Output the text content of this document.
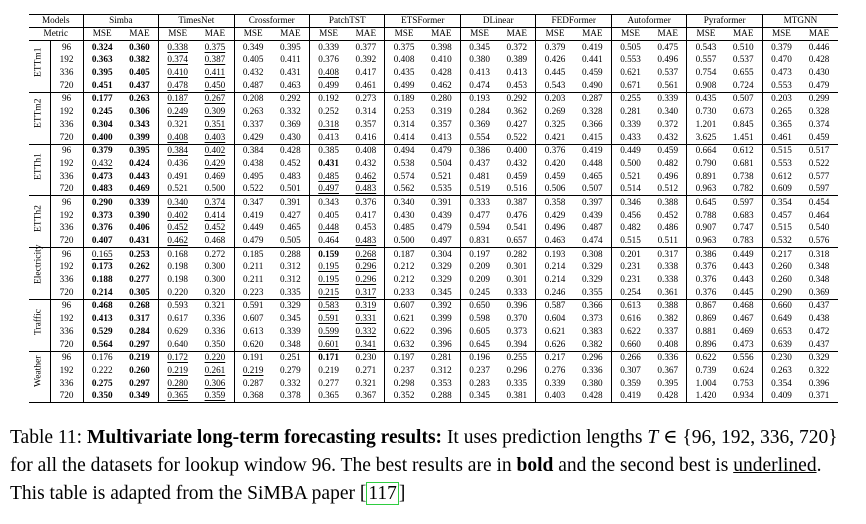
Models		Simba		TimesNet		Crossformer		PatchTST		ETSFormer		DLinear		FEDFormer		Autoformer		Pyraformer		MTGNN	
Metric		MSE	MAE	MSE	MAE	MSE	MAE	MSE	MAE	MSE	MAE	MSE	MAE	MSE	MAE	MSE	MAE	MSE	MAE	MSE	MAE

ETTm1	96	0.324	0.360	0.338	0.375	0.349	0.395	0.339	0.377	0.375	0.398	0.345	0.372	0.379	0.419	0.505	0.475	0.543	0.510	0.379	0.446
	192	0.363	0.382	0.374	0.387	0.405	0.411	0.376	0.392	0.408	0.410	0.380	0.389	0.426	0.441	0.553	0.496	0.557	0.537	0.470	0.428
	336	0.395	0.405	0.410	0.411	0.432	0.431	0.408	0.417	0.435	0.428	0.413	0.413	0.445	0.459	0.621	0.537	0.754	0.655	0.473	0.430
	720	0.451	0.437	0.478	0.450	0.487	0.463	0.499	0.461	0.499	0.462	0.474	0.453	0.543	0.490	0.671	0.561	0.908	0.724	0.553	0.479

ETTm2	96	0.177	0.263	0.187	0.267	0.208	0.292	0.192	0.273	0.189	0.280	0.193	0.292	0.203	0.287	0.255	0.339	0.435	0.507	0.203	0.299
	192	0.245	0.306	0.249	0.309	0.263	0.332	0.252	0.314	0.253	0.319	0.284	0.362	0.269	0.328	0.281	0.340	0.730	0.673	0.265	0.328
	336	0.304	0.343	0.321	0.351	0.337	0.369	0.318	0.357	0.314	0.357	0.369	0.427	0.325	0.366	0.339	0.372	1.201	0.845	0.365	0.374
	720	0.400	0.399	0.408	0.403	0.429	0.430	0.413	0.416	0.414	0.413	0.554	0.522	0.421	0.415	0.433	0.432	3.625	1.451	0.461	0.459

ETTh1	96	0.379	0.395	0.384	0.402	0.384	0.428	0.385	0.408	0.494	0.479	0.386	0.400	0.376	0.419	0.449	0.459	0.664	0.612	0.515	0.517
	192	0.432	0.424	0.436	0.429	0.438	0.452	0.431	0.432	0.538	0.504	0.437	0.432	0.420	0.448	0.500	0.482	0.790	0.681	0.553	0.522
	336	0.473	0.443	0.491	0.469	0.495	0.483	0.485	0.462	0.574	0.521	0.481	0.459	0.459	0.465	0.521	0.496	0.891	0.738	0.612	0.577
	720	0.483	0.469	0.521	0.500	0.522	0.501	0.497	0.483	0.562	0.535	0.519	0.516	0.506	0.507	0.514	0.512	0.963	0.782	0.609	0.597

ETTh2	96	0.290	0.339	0.340	0.374	0.347	0.391	0.343	0.376	0.340	0.391	0.333	0.387	0.358	0.397	0.346	0.388	0.645	0.597	0.354	0.454
	192	0.373	0.390	0.402	0.414	0.419	0.427	0.405	0.417	0.430	0.439	0.477	0.476	0.429	0.439	0.456	0.452	0.788	0.683	0.457	0.464
	336	0.376	0.406	0.452	0.452	0.449	0.465	0.448	0.453	0.485	0.479	0.594	0.541	0.496	0.487	0.482	0.486	0.907	0.747	0.515	0.540
	720	0.407	0.431	0.462	0.468	0.479	0.505	0.464	0.483	0.500	0.497	0.831	0.657	0.463	0.474	0.515	0.511	0.963	0.783	0.532	0.576

Electricity	96	0.165	0.253	0.168	0.272	0.185	0.288	0.159	0.268	0.187	0.304	0.197	0.282	0.193	0.308	0.201	0.317	0.386	0.449	0.217	0.318
	192	0.173	0.262	0.198	0.300	0.211	0.312	0.195	0.296	0.212	0.329	0.209	0.301	0.214	0.329	0.231	0.338	0.376	0.443	0.260	0.348
	336	0.188	0.277	0.198	0.300	0.211	0.312	0.195	0.296	0.212	0.329	0.209	0.301	0.214	0.329	0.231	0.338	0.376	0.443	0.260	0.348
	720	0.214	0.305	0.220	0.320	0.223	0.335	0.215	0.317	0.233	0.345	0.245	0.333	0.246	0.355	0.254	0.361	0.376	0.445	0.290	0.369

Traffic	96	0.468	0.268	0.593	0.321	0.591	0.329	0.583	0.319	0.607	0.392	0.650	0.396	0.587	0.366	0.613	0.388	0.867	0.468	0.660	0.437
	192	0.413	0.317	0.617	0.336	0.607	0.345	0.591	0.331	0.621	0.399	0.598	0.370	0.604	0.373	0.616	0.382	0.869	0.467	0.649	0.438
	336	0.529	0.284	0.629	0.336	0.613	0.339	0.599	0.332	0.622	0.396	0.605	0.373	0.621	0.383	0.622	0.337	0.881	0.469	0.653	0.472
	720	0.564	0.297	0.640	0.350	0.620	0.348	0.601	0.341	0.632	0.396	0.645	0.394	0.626	0.382	0.660	0.408	0.896	0.473	0.639	0.437

Weather	96	0.176	0.219	0.172	0.220	0.191	0.251	0.171	0.230	0.197	0.281	0.196	0.255	0.217	0.296	0.266	0.336	0.622	0.556	0.230	0.329
	192	0.222	0.260	0.219	0.261	0.219	0.279	0.219	0.271	0.237	0.312	0.237	0.296	0.276	0.336	0.307	0.367	0.739	0.624	0.263	0.322
	336	0.275	0.297	0.280	0.306	0.287	0.332	0.277	0.321	0.298	0.353	0.283	0.335	0.339	0.380	0.359	0.395	1.004	0.753	0.354	0.396
	720	0.350	0.349	0.365	0.359	0.368	0.378	0.365	0.367	0.352	0.288	0.345	0.381	0.403	0.428	0.419	0.428	1.420	0.934	0.409	0.371
Table 11: Multivariate long-term forecasting results: It uses prediction lengths T ∈ {96, 192, 336, 720} for all the datasets for lookup window 96. The best results are in bold and the second best is underlined. This table is adapted from the SiMBA paper [ 117 ]
